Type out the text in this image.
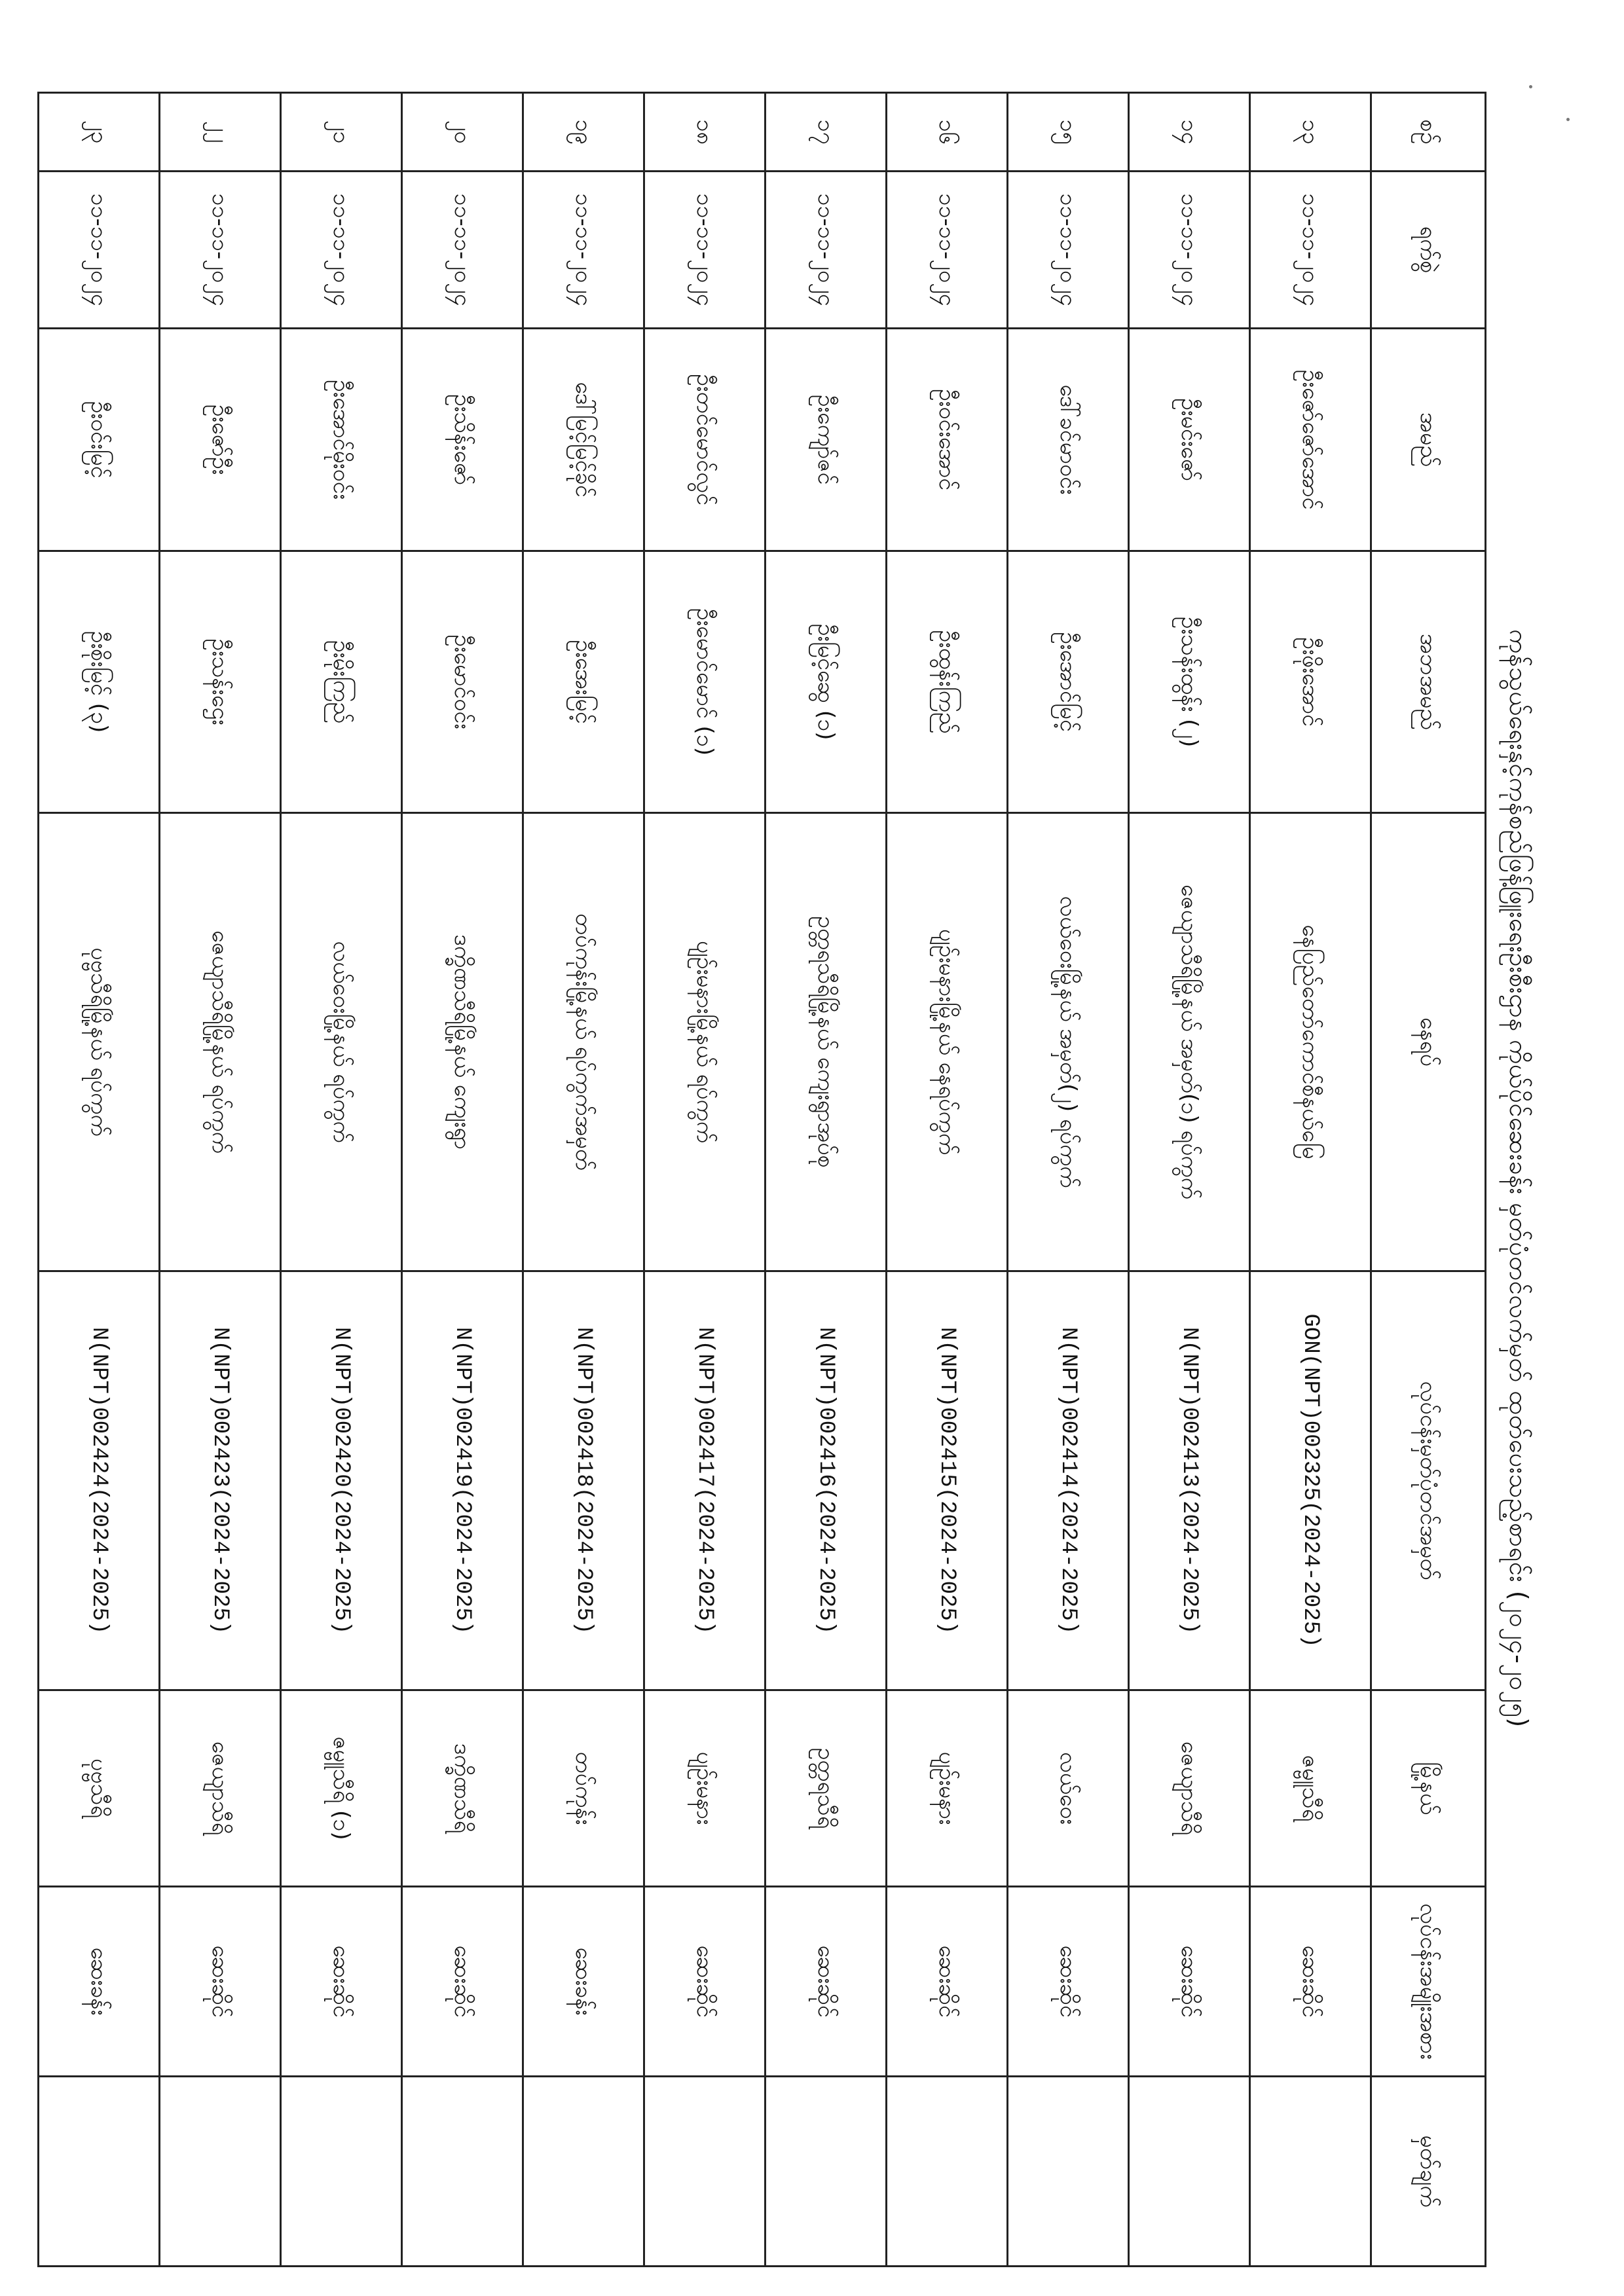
ကုန်သွယ်ရေးနှင့်ကုန်စည်ဖြန့်ဖြူးရေးဦးစီးဌာန ကိုယ်ပိုင်ဆေးခန်း မှတ်ပုံတင်လက်မှတ် ထုတ်ပေးသည့်စာရင်း (၂၀၂၄-၂၀၂၅)
စဉ်	ရက်စွဲ	အမည်	အဘအမည်	နေရပ်	လုပ်ငန်းမှတ်ပုံတင်အမှတ်	မြို့နယ်	လုပ်ငန်းအမျိုးအစား	မှတ်ချက်
၁၃	၁၁-၁၁-၂၀၂၄	ဦးဇော်ဇော်အောင်	ဦးဖိုးအောင်	နေပြည်တော်ကောင်စီနယ်မြေ	GON(NPT)002325(2024-2025)	ဇမ္ဗူသီရိ	ဆေးဆိုင်	
၁၄	၁၁-၁၁-၂၀၂၄	ဦးမင်းဇော်	ဦးသန်းထွန်း (၂)	ဇေယျာသီရိမြို့နယ် အမှတ်(၁) ရပ်ကွက်	N(NPT)002413(2024-2025)	ဇေယျာသီရိ	ဆေးဆိုင်	
၁၅	၁၁-၁၁-၂၀၂၄	ဒေါ်ခင်မာဝင်း	ဦးအောင်မြင့်	လယ်ဝေးမြို့နယ် အမှတ်(၂) ရပ်ကွက်	N(NPT)002414(2024-2025)	လယ်ဝေး	ဆေးဆိုင်	
၁၆	၁၁-၁၁-၂၀၂၄	ဦးဝင်းအောင်	ဦးထွန်းကြည်	ပျဉ်းမနားမြို့နယ် နေရပ်ကွက်	N(NPT)002415(2024-2025)	ပျဉ်းမနား	ဆေးဆိုင်	
၁၇	၁၁-၁၁-၂၀၂၄	ဦးကျော်ဇင်	ဦးမြင့်ဆွေ (၁)	ဥတ္တရသီရိမြို့နယ် ကျေးရွာအုပ်စု	N(NPT)002416(2024-2025)	ဥတ္တရသီရိ	ဆေးဆိုင်	
၁၈	၁၁-၁၁-၂၀၂၄	ဦးတင်မောင်လွင်	ဦးမောင်မောင် (၁)	ပျဉ်းမနားမြို့နယ် ရပ်ကွက်	N(NPT)002417(2024-2025)	ပျဉ်းမနား	ဆေးဆိုင်	
၁၉	၁၁-၁၁-၂၀၂၄	ဒေါ်မြင့်မြင့်ခိုင်	ဦးအေးမြင့်	တပ်ကုန်းမြို့နယ် ရပ်ကွက်အမှတ်	N(NPT)002418(2024-2025)	တပ်ကုန်း	ဆေးခန်း	
၂၀	၁၁-၁၁-၂၀၂၄	ဦးသိန်းဇော်	ဦးမောင်ဝင်း	ဒက္ခိဏသီရိမြို့နယ် ကျေးရွာ	N(NPT)002419(2024-2025)	ဒက္ခိဏသီရိ	ဆေးဆိုင်	
၂၁	၁၁-၁၁-၂၀၂၄	ဦးအောင်မိုးဝင်း	ဦးမိုးကြည်	လယ်ဝေးမြို့နယ် ရပ်ကွက်	N(NPT)002420(2024-2025)	ဇမ္ဗူသီရိ (၁)	ဆေးဆိုင်	
၂၂	၁၁-၁၁-၂၀၂၄	ဦးဇော်ဦး	ဦးသန်းဌေး	ဇေယျာသီရိမြို့နယ် ရပ်ကွက်	N(NPT)002423(2024-2025)	ဇေယျာသီရိ	ဆေးဆိုင်	
၂၃	၁၁-၁၁-၂၀၂၄	ဦးဝင်းမြင့်	ဦးစိုးမြင့် (၃)	ပုဗ္ဗသီရိမြို့နယ် ရပ်ကွက်	N(NPT)002424(2024-2025)	ပုဗ္ဗသီရိ	ဆေးခန်း	
